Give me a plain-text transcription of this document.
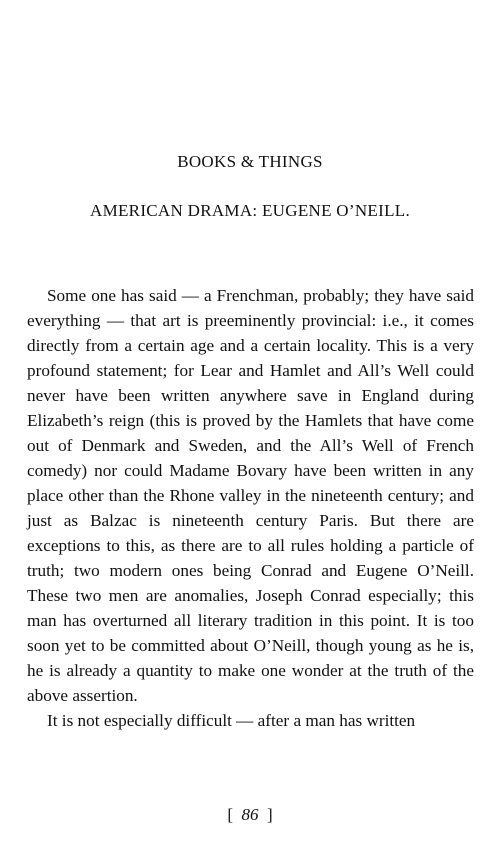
BOOKS & THINGS
AMERICAN DRAMA: EUGENE O’NEILL.

Some one has said — a Frenchman, probably; they have said everything — that art is preeminently provincial: i.e., it comes directly from a certain age and a certain locality. This is a very profound statement; for Lear and Hamlet and All’s Well could never have been written anywhere save in England during Elizabeth’s reign (this is proved by the Hamlets that have come out of Denmark and Sweden, and the All’s Well of French comedy) nor could Madame Bovary have been written in any place other than the Rhone valley in the nineteenth century; and just as Balzac is nineteenth century Paris. But there are exceptions to this, as there are to all rules holding a particle of truth; two modern ones being Conrad and Eugene O’Neill. These two men are anomalies, Joseph Conrad especially; this man has overturned all literary tradition in this point. It is too soon yet to be committed about O’Neill, though young as he is, he is already a quantity to make one wonder at the truth of the above assertion.

It is not especially difficult — after a man has written

[ 86 ]
